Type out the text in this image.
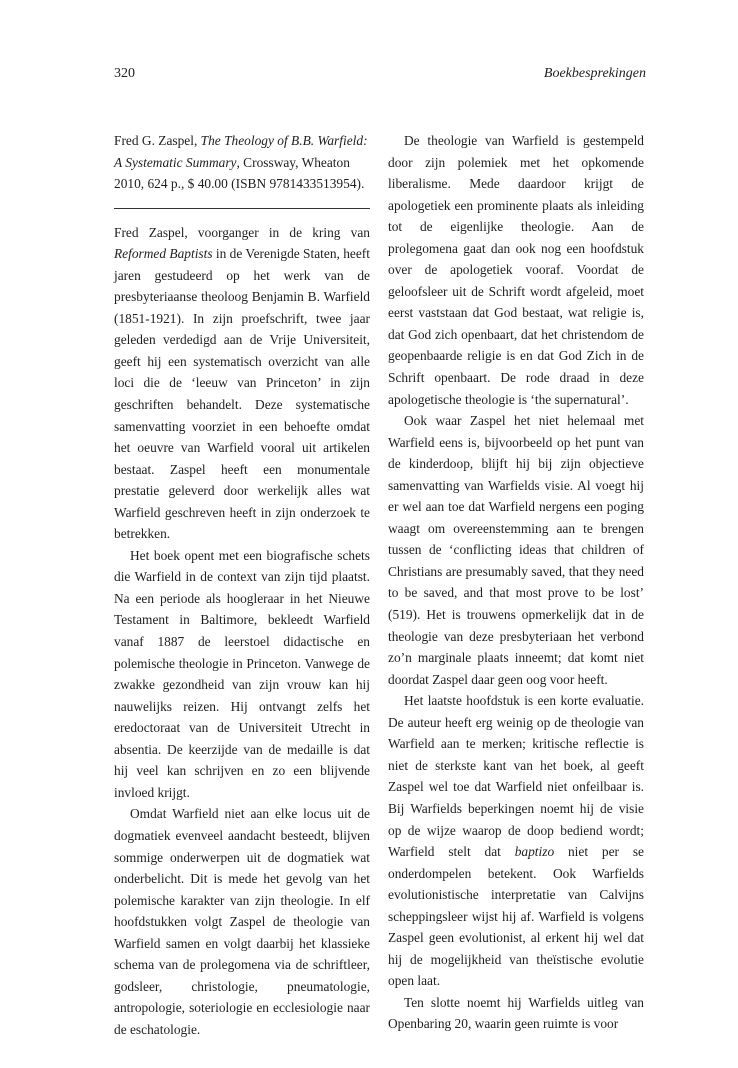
320	Boekbesprekingen

Fred G. Zaspel, The Theology of B.B. Warfield: A Systematic Summary, Crossway, Wheaton 2010, 624 p., $ 40.00 (ISBN 9781433513954).

Fred Zaspel, voorganger in de kring van Reformed Baptists in de Verenigde Staten, heeft jaren gestudeerd op het werk van de presbyteriaanse theoloog Benjamin B. Warfield (1851-1921). In zijn proefschrift, twee jaar geleden verdedigd aan de Vrije Universiteit, geeft hij een systematisch overzicht van alle loci die de ‘leeuw van Princeton’ in zijn geschriften behandelt. Deze systematische samenvatting voorziet in een behoefte omdat het oeuvre van Warfield vooral uit artikelen bestaat. Zaspel heeft een monumentale prestatie geleverd door werkelijk alles wat Warfield geschreven heeft in zijn onderzoek te betrekken.

Het boek opent met een biografische schets die Warfield in de context van zijn tijd plaatst. Na een periode als hoogleraar in het Nieuwe Testament in Baltimore, bekleedt Warfield vanaf 1887 de leerstoel didactische en polemische theologie in Princeton. Vanwege de zwakke gezondheid van zijn vrouw kan hij nauwelijks reizen. Hij ontvangt zelfs het eredoctoraat van de Universiteit Utrecht in absentia. De keerzijde van de medaille is dat hij veel kan schrijven en zo een blijvende invloed krijgt.

Omdat Warfield niet aan elke locus uit de dogmatiek evenveel aandacht besteedt, blijven sommige onderwerpen uit de dogmatiek wat onderbelicht. Dit is mede het gevolg van het polemische karakter van zijn theologie. In elf hoofdstukken volgt Zaspel de theologie van Warfield samen en volgt daarbij het klassieke schema van de prolegomena via de schriftleer, godsleer, christologie, pneumatologie, antropologie, soteriologie en ecclesiologie naar de eschatologie.

De theologie van Warfield is gestempeld door zijn polemiek met het opkomende liberalisme. Mede daardoor krijgt de apologetiek een prominente plaats als inleiding tot de eigenlijke theologie. Aan de prolegomena gaat dan ook nog een hoofdstuk over de apologetiek vooraf. Voordat de geloofsleer uit de Schrift wordt afgeleid, moet eerst vaststaan dat God bestaat, wat religie is, dat God zich openbaart, dat het christendom de geopenbaarde religie is en dat God Zich in de Schrift openbaart. De rode draad in deze apologetische theologie is ‘the supernatural’.

Ook waar Zaspel het niet helemaal met Warfield eens is, bijvoorbeeld op het punt van de kinderdoop, blijft hij bij zijn objectieve samenvatting van Warfields visie. Al voegt hij er wel aan toe dat Warfield nergens een poging waagt om overeenstemming aan te brengen tussen de ‘conflicting ideas that children of Christians are presumably saved, that they need to be saved, and that most prove to be lost’ (519). Het is trouwens opmerkelijk dat in de theologie van deze presbyteriaan het verbond zo’n marginale plaats inneemt; dat komt niet doordat Zaspel daar geen oog voor heeft.

Het laatste hoofdstuk is een korte evaluatie. De auteur heeft erg weinig op de theologie van Warfield aan te merken; kritische reflectie is niet de sterkste kant van het boek, al geeft Zaspel wel toe dat Warfield niet onfeilbaar is. Bij Warfields beperkingen noemt hij de visie op de wijze waarop de doop bediend wordt; Warfield stelt dat baptizo niet per se onderdompelen betekent. Ook Warfields evolutionistische interpretatie van Calvijns scheppingsleer wijst hij af. Warfield is volgens Zaspel geen evolutionist, al erkent hij wel dat hij de mogelijkheid van theïstische evolutie open laat.

Ten slotte noemt hij Warfields uitleg van Openbaring 20, waarin geen ruimte is voor
